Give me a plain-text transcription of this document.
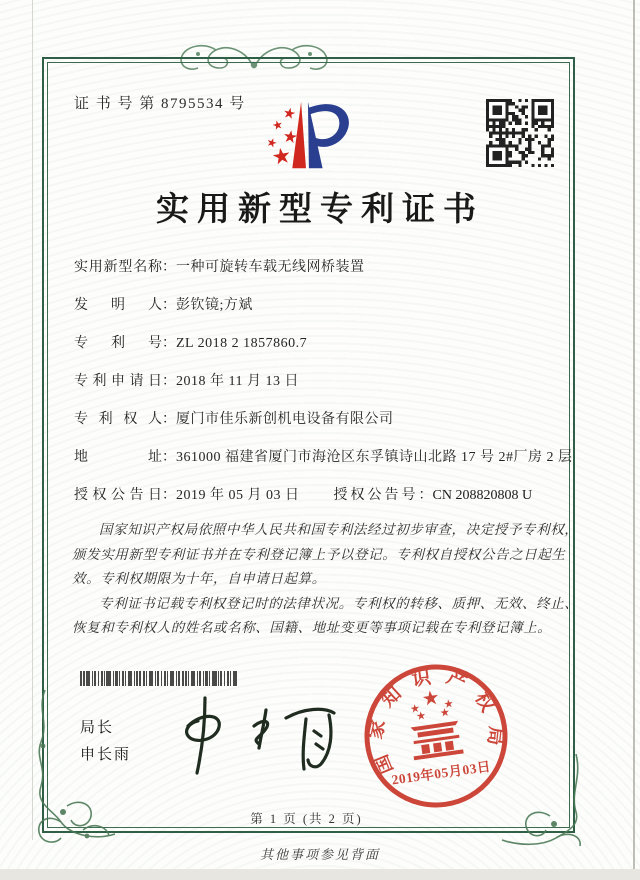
证 书 号 第 8795534 号
实用新型专利证书
实用新型名称 ： 一种可旋转车载无线网桥装置
发明人 ： 彭钦镜;方斌
专利号 ： ZL 2018 2 1857860.7
专利申请日 ： 2018 年 11 月 13 日
专利权人 ： 厦门市佳乐新创机电设备有限公司
地址 ： 361000 福建省厦门市海沧区东孚镇诗山北路 17 号 2#厂房 2 层
授权公告日 ： 2019 年 05 月 03 日 授权公告号：CN 208820808 U

国家知识产权局依照中华人民共和国专利法经过初步审查，决定授予专利权，颁发实用新型专利证书并在专利登记簿上予以登记。专利权自授权公告之日起生效。专利权期限为十年，自申请日起算。

专利证书记载专利权登记时的法律状况。专利权的转移、质押、无效、终止、恢复和专利权人的姓名或名称、国籍、地址变更等事项记载在专利登记簿上。

局长
申长雨	国家知识产权局
2019年05月03日
第 1 页 (共 2 页)
其他事项参见背面
